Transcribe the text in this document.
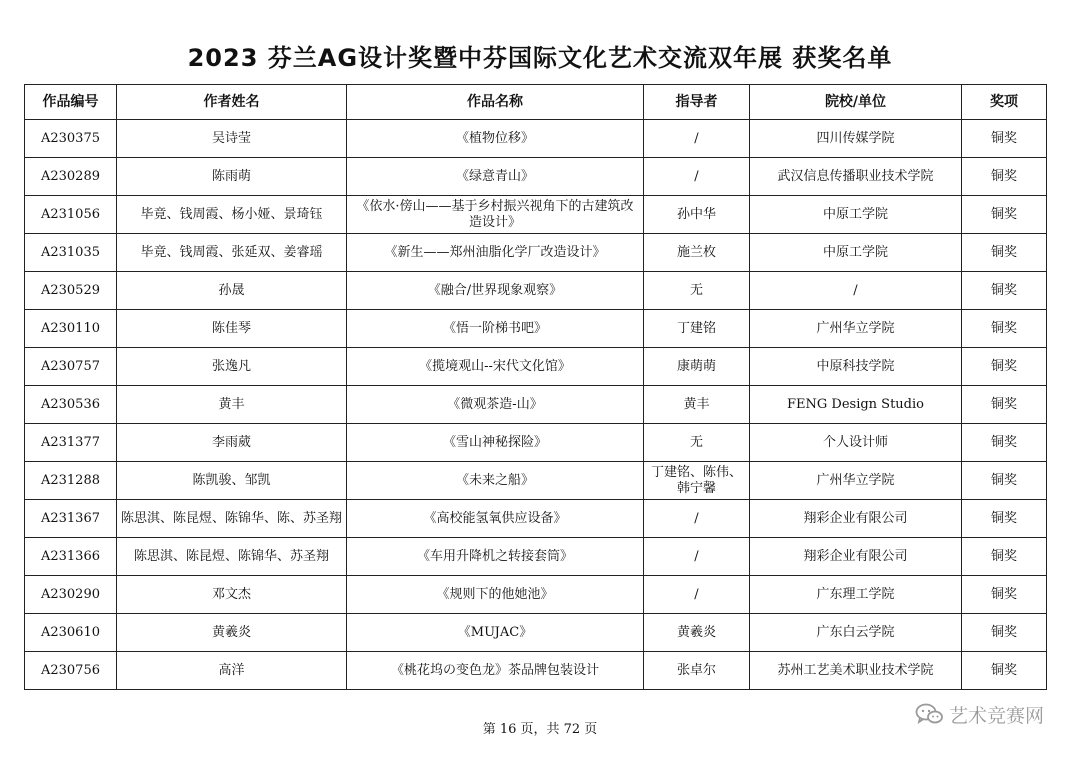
2023 芬兰AG设计奖暨中芬国际文化艺术交流双年展 获奖名单
作品编号	作者姓名	作品名称	指导者	院校/单位	奖项
A230375	吴诗莹	《植物位移》	/	四川传媒学院	铜奖
A230289	陈雨萌	《绿意青山》	/	武汉信息传播职业技术学院	铜奖
A231056	毕竟、钱周霞、杨小娅、景琦钰	《依水·傍山——基于乡村振兴视角下的古建筑改造设计》	孙中华	中原工学院	铜奖
A231035	毕竟、钱周霞、张延双、姜睿瑶	《新生——郑州油脂化学厂改造设计》	施兰枚	中原工学院	铜奖
A230529	孙晟	《融合/世界现象观察》	无	/	铜奖
A230110	陈佳琴	《悟一阶梯书吧》	丁建铭	广州华立学院	铜奖
A230757	张逸凡	《揽境观山--宋代文化馆》	康萌萌	中原科技学院	铜奖
A230536	黄丰	《微观茶造-山》	黄丰	FENG Design Studio	铜奖
A231377	李雨葳	《雪山神秘探险》	无	个人设计师	铜奖
A231288	陈凯骏、邹凯	《未来之船》	丁建铭、陈伟、韩宁馨	广州华立学院	铜奖
A231367	陈思淇、陈昆煜、陈锦华、陈、苏圣翔	《高校能氢氧供应设备》	/	翔彩企业有限公司	铜奖
A231366	陈思淇、陈昆煜、陈锦华、苏圣翔	《车用升降机之转接套筒》	/	翔彩企业有限公司	铜奖
A230290	邓文杰	《规则下的他她池》	/	广东理工学院	铜奖
A230610	黄羲炎	《MUJAC》	黄羲炎	广东白云学院	铜奖
A230756	高洋	《桃花坞の变色龙》茶品牌包装设计	张卓尔	苏州工艺美术职业技术学院	铜奖
第 16 页，共 72 页
艺术竞赛网
